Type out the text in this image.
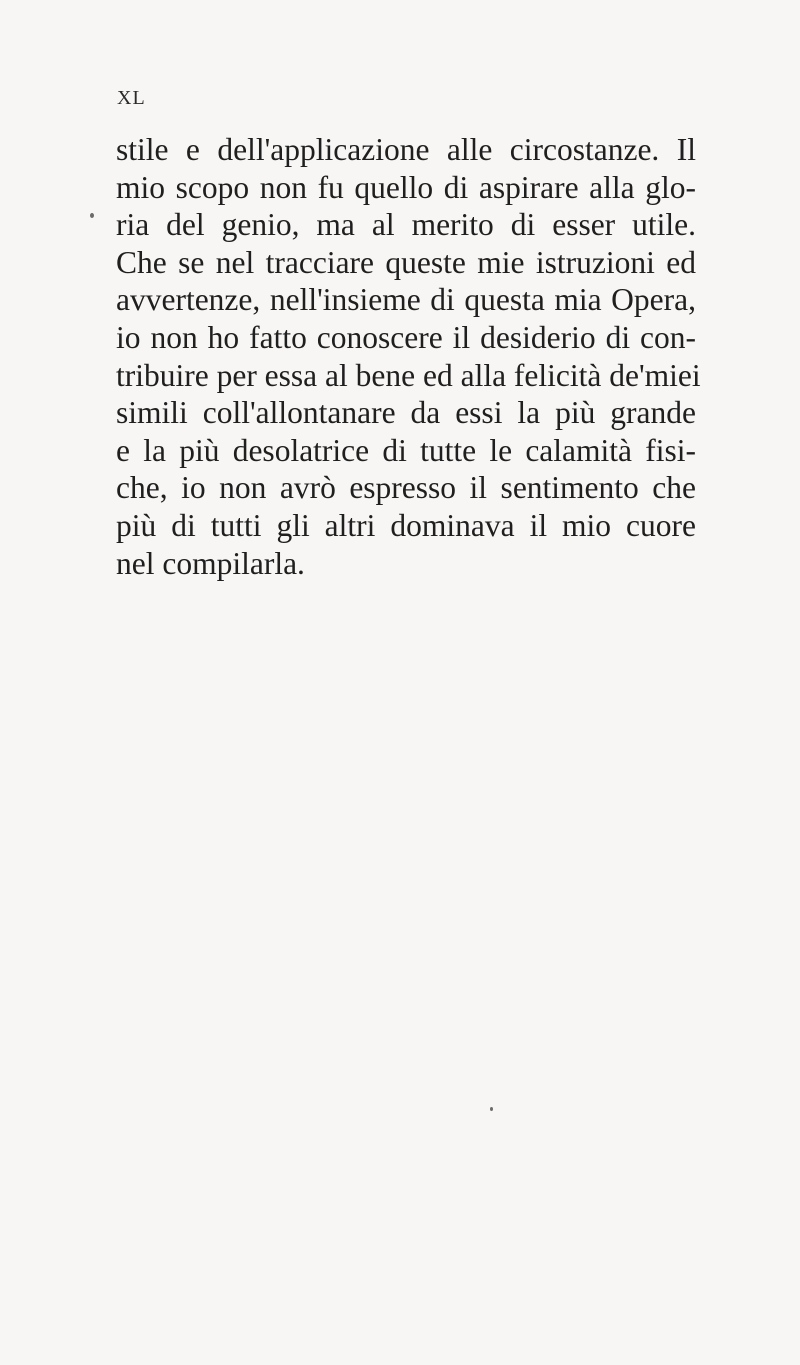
XL
stile e dell'applicazione alle circostanze. Il
mio scopo non fu quello di aspirare alla glo-
ria del genio, ma al merito di esser utile.
Che se nel tracciare queste mie istruzioni ed
avvertenze, nell'insieme di questa mia Opera,
io non ho fatto conoscere il desiderio di con-
tribuire per essa al bene ed alla felicità de'miei
simili coll'allontanare da essi la più grande
e la più desolatrice di tutte le calamità fisi-
che, io non avrò espresso il sentimento che
più di tutti gli altri dominava il mio cuore
nel compilarla.
